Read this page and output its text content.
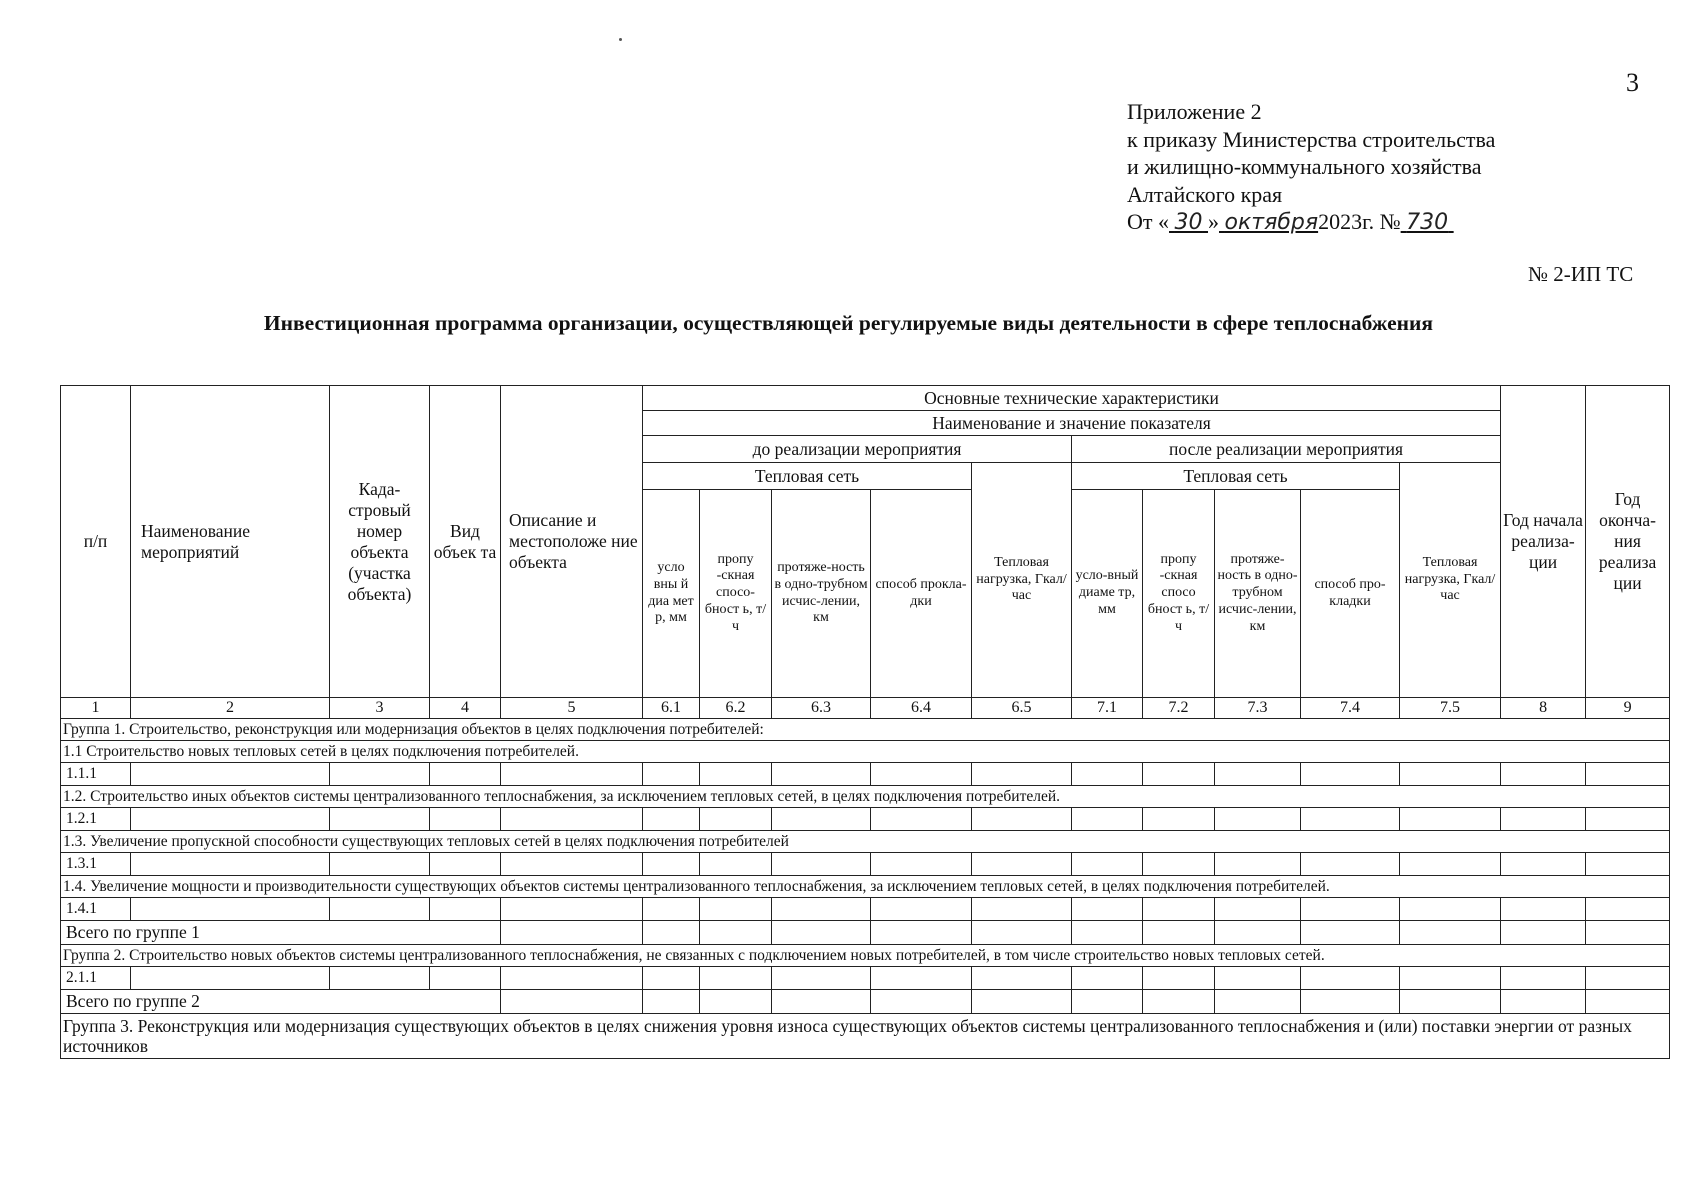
3
Приложение 2
к приказу Министерства строительства
и жилищно-коммунального хозяйства
Алтайского края
От « 30 » октября2023г. № 730
№ 2-ИП ТС
Инвестиционная программа организации, осуществляющей регулируемые виды деятельности в сфере теплоснабжения
п/п	Наименование мероприятий	Када-стровый номер объекта (участка объекта)	Вид объек та	Описание и местоположе ние объекта	Основные технические характеристики										Год начала реализа-ции	Год оконча-ния реализа ции	
					Наименование и значение показателя												
					до реализации мероприятия					после реализации мероприятия							
					Тепловая сеть				Тепловая нагрузка, Гкал/час	Тепловая сеть				Тепловая нагрузка, Гкал/час			
					усло вны й диа мет р, мм	пропу -скная спосо-бност ь, т/ч	протяже-ность в одно-трубном исчис-лении, км	способ прокла-дки		усло-вный диаме тр, мм	пропу -скная спосо бност ь, т/ч	протяже-ность в одно-трубном исчис-лении, км	способ про-кладки				
1	2	3	4	5	6.1	6.2	6.3	6.4	6.5	7.1	7.2	7.3	7.4	7.5	8	9	
Группа 1. Строительство, реконструкция или модернизация объектов в целях подключения потребителей:																	
1.1 Строительство новых тепловых сетей в целях подключения потребителей.																	
1.1.1																	
1.2. Строительство иных объектов системы централизованного теплоснабжения, за исключением тепловых сетей, в целях подключения потребителей.																	
1.2.1																	
1.3. Увеличение пропускной способности существующих тепловых сетей в целях подключения потребителей																	
1.3.1																	
1.4. Увеличение мощности и производительности существующих объектов системы централизованного теплоснабжения, за исключением тепловых сетей, в целях подключения потребителей.																	
1.4.1																	
Всего по группе 1																	
Группа 2. Строительство новых объектов системы централизованного теплоснабжения, не связанных с подключением новых потребителей, в том числе строительство новых тепловых сетей.																	
2.1.1																	
Всего по группе 2																	
Группа 3. Реконструкция или модернизация существующих объектов в целях снижения уровня износа существующих объектов системы централизованного теплоснабжения и (или) поставки энергии от разных источников																	
